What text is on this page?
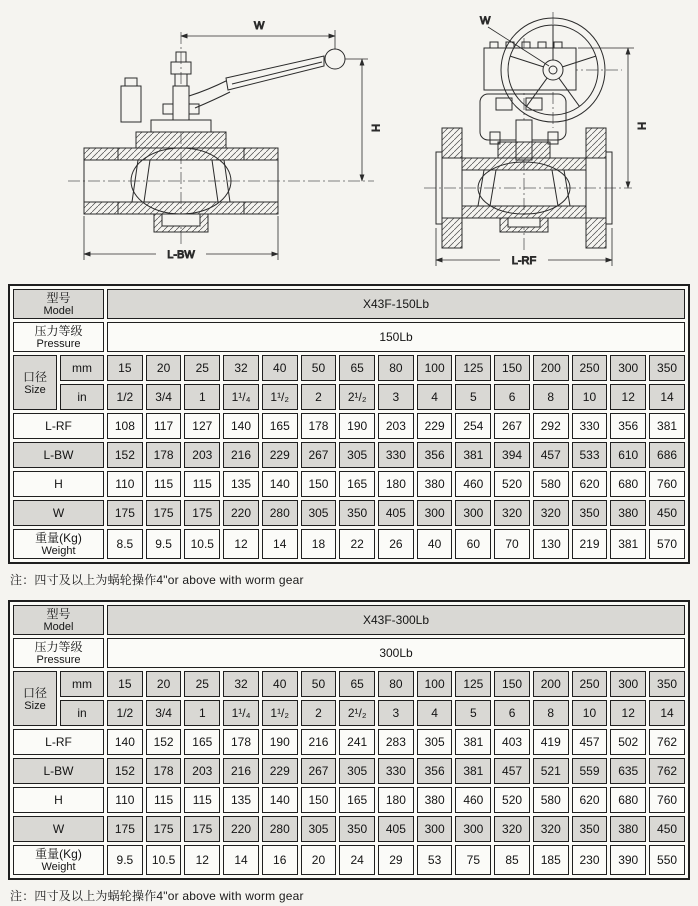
W
H
L-BW
W
H
L-RF
型号
Model		X43F-150Lb														

压力等级
Pressure		150Lb														

口径
Size	mm	15	20	25	32	40	50	65	80	100	125	150	200	250	300	350
	in	1/2	3/4	1	1¹/₄	1¹/₂	2	2¹/₂	3	4	5	6	8	10	12	14

L-RF		108	117	127	140	165	178	190	203	229	254	267	292	330	356	381

L-BW		152	178	203	216	229	267	305	330	356	381	394	457	533	610	686

H		110	115	115	135	140	150	165	180	380	460	520	580	620	680	760

W		175	175	175	220	280	305	350	405	300	300	320	320	350	380	450

重量(Kg)
Weight		8.5	9.5	10.5	12	14	18	22	26	40	60	70	130	219	381	570
注：四寸及以上为蜗轮操作4"or above with worm gear
型号
Model		X43F-300Lb														

压力等级
Pressure		300Lb														

口径
Size	mm	15	20	25	32	40	50	65	80	100	125	150	200	250	300	350
	in	1/2	3/4	1	1¹/₄	1¹/₂	2	2¹/₂	3	4	5	6	8	10	12	14

L-RF		140	152	165	178	190	216	241	283	305	381	403	419	457	502	762

L-BW		152	178	203	216	229	267	305	330	356	381	457	521	559	635	762

H		110	115	115	135	140	150	165	180	380	460	520	580	620	680	760

W		175	175	175	220	280	305	350	405	300	300	320	320	350	380	450

重量(Kg)
Weight		9.5	10.5	12	14	16	20	24	29	53	75	85	185	230	390	550
注：四寸及以上为蜗轮操作4"or above with worm gear
